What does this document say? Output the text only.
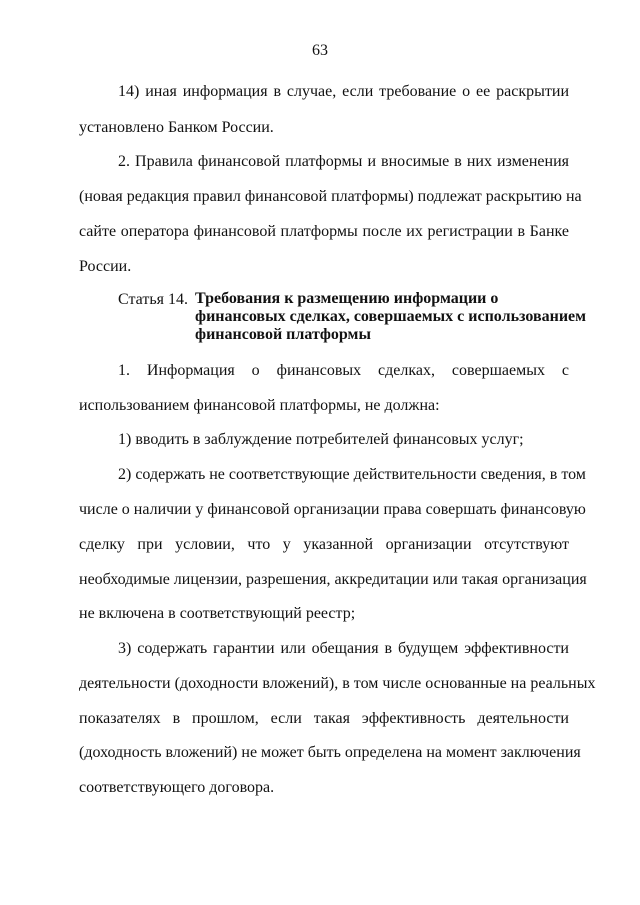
63
14) иная информация в случае, если требование о ее раскрытии
установлено Банком России.
2. Правила финансовой платформы и вносимые в них изменения
(новая редакция правил финансовой платформы) подлежат раскрытию на
сайте оператора финансовой платформы после их регистрации в Банке
России.
Статья 14. Требования к размещению информации о
финансовых сделках, совершаемых с использованием
финансовой платформы
1. Информация о финансовых сделках, совершаемых с
использованием финансовой платформы, не должна:
1) вводить в заблуждение потребителей финансовых услуг;
2) содержать не соответствующие действительности сведения, в том
числе о наличии у финансовой организации права совершать финансовую
сделку при условии, что у указанной организации отсутствуют
необходимые лицензии, разрешения, аккредитации или такая организация
не включена в соответствующий реестр;
3) содержать гарантии или обещания в будущем эффективности
деятельности (доходности вложений), в том числе основанные на реальных
показателях в прошлом, если такая эффективность деятельности
(доходность вложений) не может быть определена на момент заключения
соответствующего договора.
